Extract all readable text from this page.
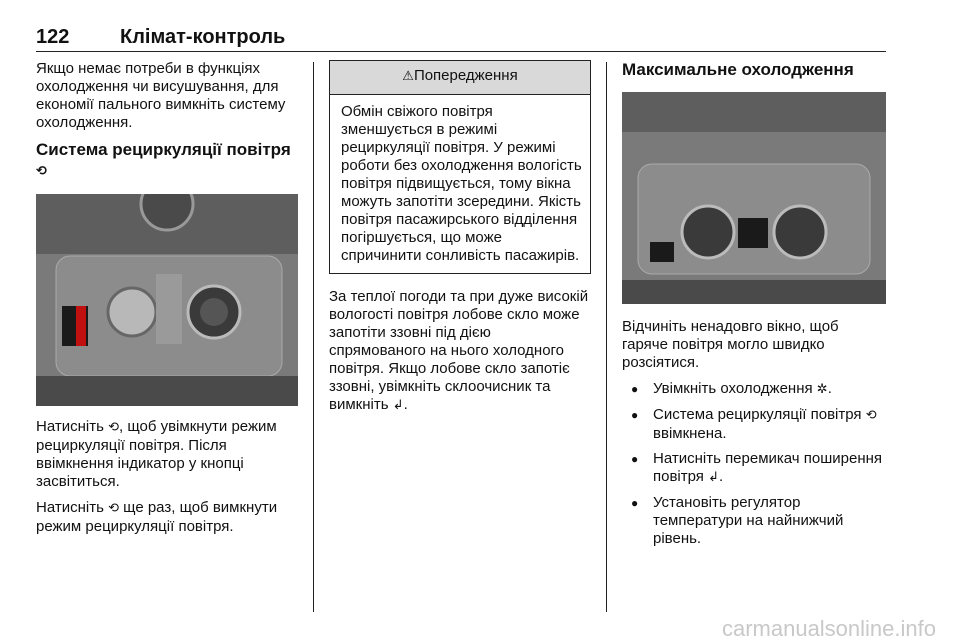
122	Клімат-контроль

Якщо немає потреби в функціях охолодження чи висушування, для економії пального вимкніть систему охолодження.

Система рециркуляції повітря ⟲

Натисніть ⟲, щоб увімкнути режим рециркуляції повітря. Після ввімкнення індикатор у кнопці засвітиться.

Натисніть ⟲ ще раз, щоб вимкнути режим рециркуляції повітря.

⚠Попередження
Обмін свіжого повітря зменшується в режимі рециркуляції повітря. У режимі роботи без охолодження вологість повітря підвищується, тому вікна можуть запотіти зсередини. Якість повітря пасажирського відділення погіршується, що може спричинити сонливість пасажирів.

За теплої погоди та при дуже високій вологості повітря лобове скло може запотіти ззовні під дією спрямованого на нього холодного повітря. Якщо лобове скло запотіє ззовні, увімкніть склоочисник та вимкніть ↲.

Максимальне охолодження

Відчиніть ненадовго вікно, щоб гаряче повітря могло швидко розсіятися.

● Увімкніть охолодження ✲.
● Система рециркуляції повітря ⟲ ввімкнена.
● Натисніть перемикач поширення повітря ↲.
● Установіть регулятор температури на найнижчий рівень.
carmanualsonline.info
